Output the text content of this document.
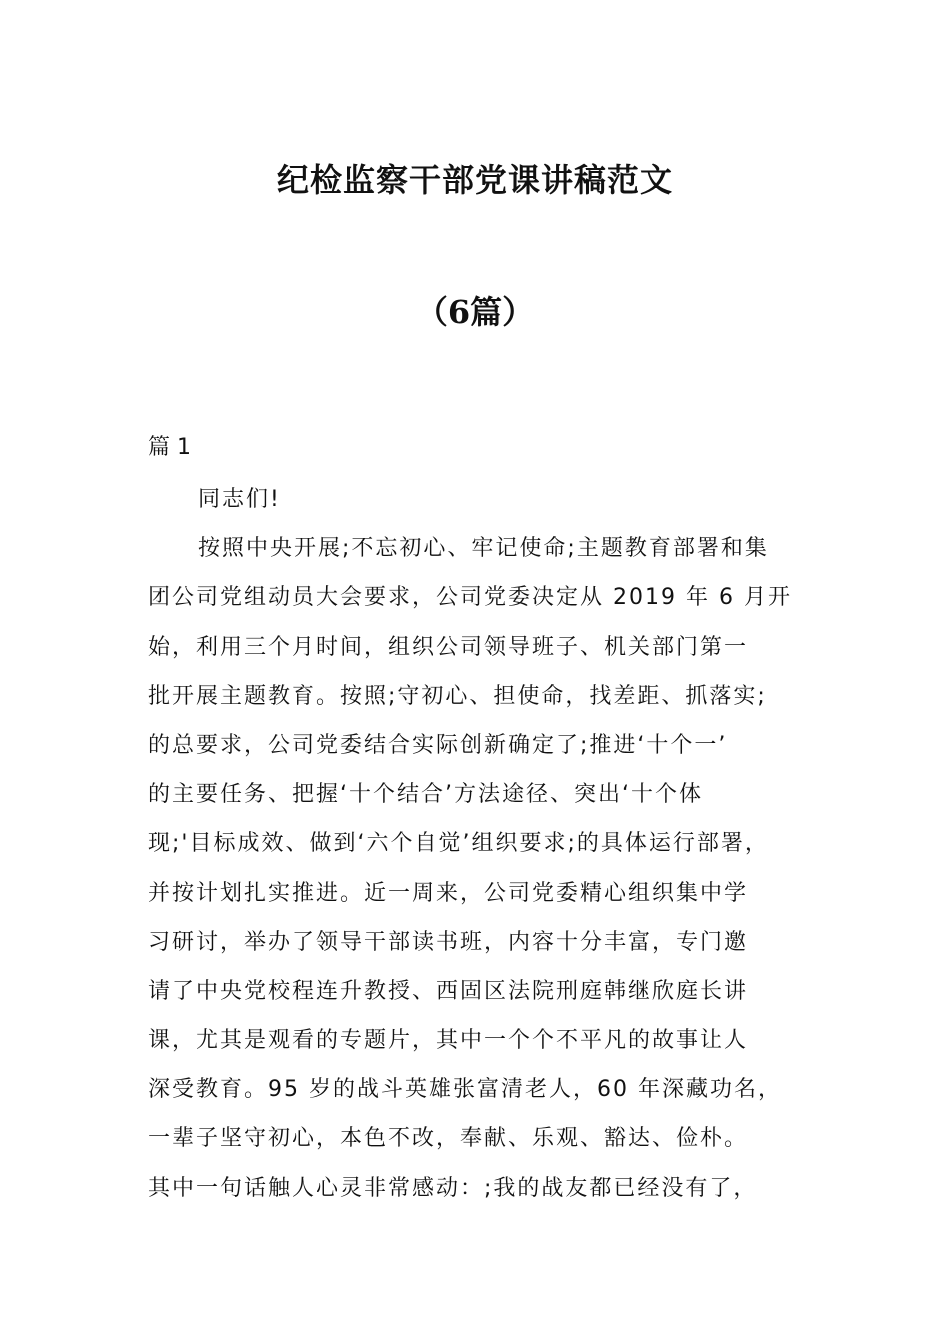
纪检监察干部党课讲稿范文
（6篇）
篇 1
同志们!
按照中央开展;不忘初心、牢记使命;主题教育部署和集
团公司党组动员大会要求，公司党委决定从 2019 年 6 月开
始，利用三个月时间，组织公司领导班子、机关部门第一
批开展主题教育。按照;守初心、担使命，找差距、抓落实;
的总要求，公司党委结合实际创新确定了;推进‘十个一’
的主要任务、把握‘十个结合’方法途径、突出‘十个体
现;'目标成效、做到‘六个自觉’组织要求;的具体运行部署，
并按计划扎实推进。近一周来，公司党委精心组织集中学
习研讨，举办了领导干部读书班，内容十分丰富，专门邀
请了中央党校程连升教授、西固区法院刑庭韩继欣庭长讲
课，尤其是观看的专题片，其中一个个不平凡的故事让人
深受教育。95 岁的战斗英雄张富清老人，60 年深藏功名，
一辈子坚守初心，本色不改，奉献、乐观、豁达、俭朴。
其中一句话触人心灵非常感动：;我的战友都已经没有了，
